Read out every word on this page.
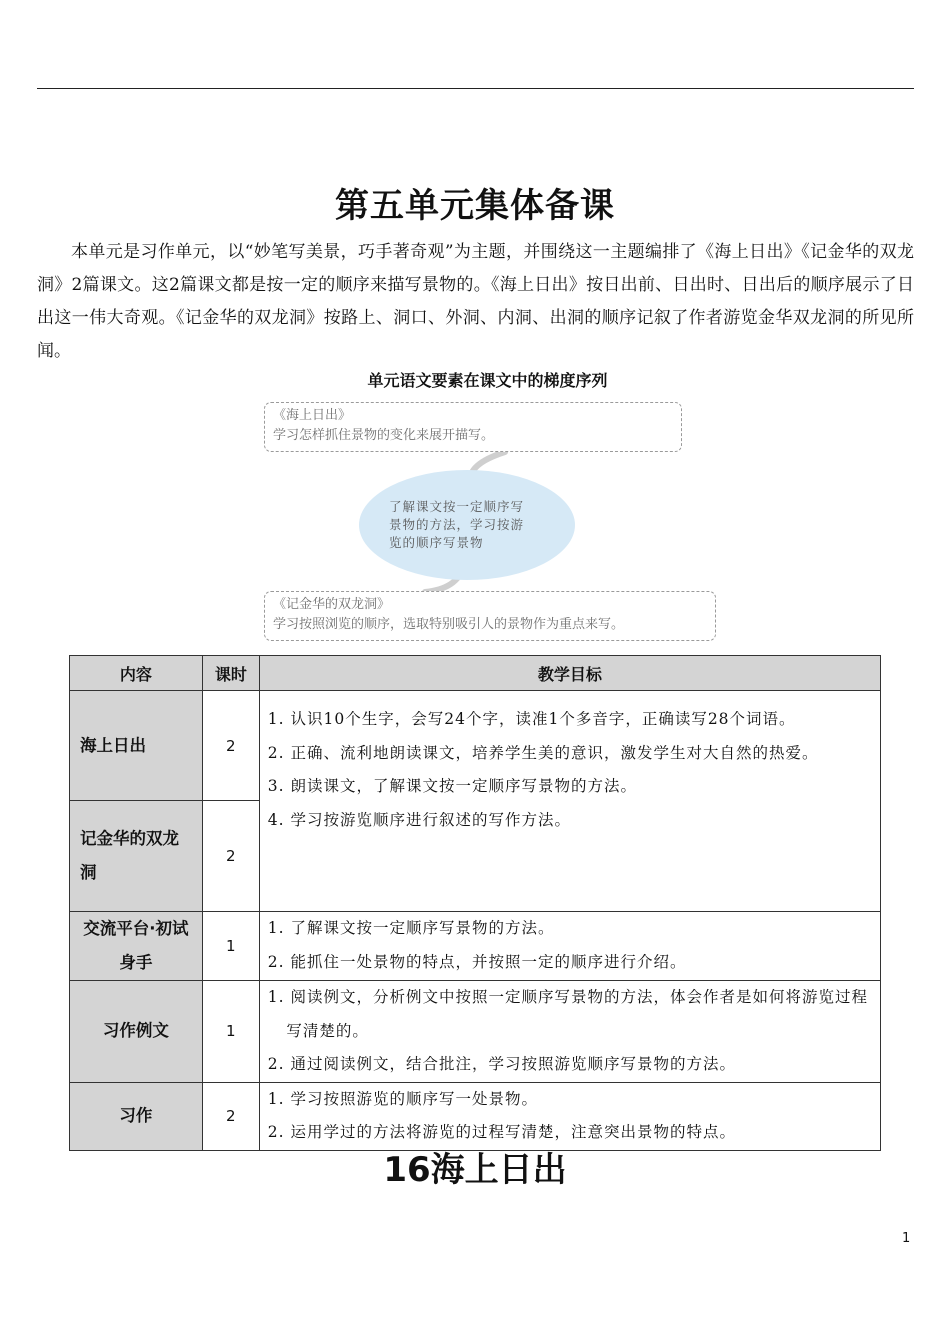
第五单元集体备课
本单元是习作单元，以“妙笔写美景，巧手著奇观”为主题，并围绕这一主题编排了《海上日出》《记金华的双龙洞》2篇课文。这2篇课文都是按一定的顺序来描写景物的。《海上日出》按日出前、日出时、日出后的顺序展示了日出这一伟大奇观。《记金华的双龙洞》按路上、洞口、外洞、内洞、出洞的顺序记叙了作者游览金华双龙洞的所见所闻。
单元语文要素在课文中的梯度序列
《海上日出》
学习怎样抓住景物的变化来展开描写。
了解课文按一定顺序写
景物的方法，学习按游
览的顺序写景物
《记金华的双龙洞》
学习按照浏览的顺序，选取特别吸引人的景物作为重点来写。
内容	课时	教学目标
海上日出	2	1. 认识10个生字，会写24个字，读准1个多音字，正确读写28个词语。
2. 正确、流利地朗读课文，培养学生美的意识，激发学生对大自然的热爱。
3. 朗读课文，了解课文按一定顺序写景物的方法。
4. 学习按游览顺序进行叙述的写作方法。

记金华的双龙洞	2	
交流平台·初试身手	1	1. 了解课文按一定顺序写景物的方法。
2. 能抓住一处景物的特点，并按照一定的顺序进行介绍。

习作例文	1	1. 阅读例文，分析例文中按照一定顺序写景物的方法，体会作者是如何将游览过程写清楚的。
2. 通过阅读例文，结合批注，学习按照游览顺序写景物的方法。

习作	2	1. 学习按照游览的顺序写一处景物。
2. 运用学过的方法将游览的过程写清楚，注意突出景物的特点。
16海上日出
1
